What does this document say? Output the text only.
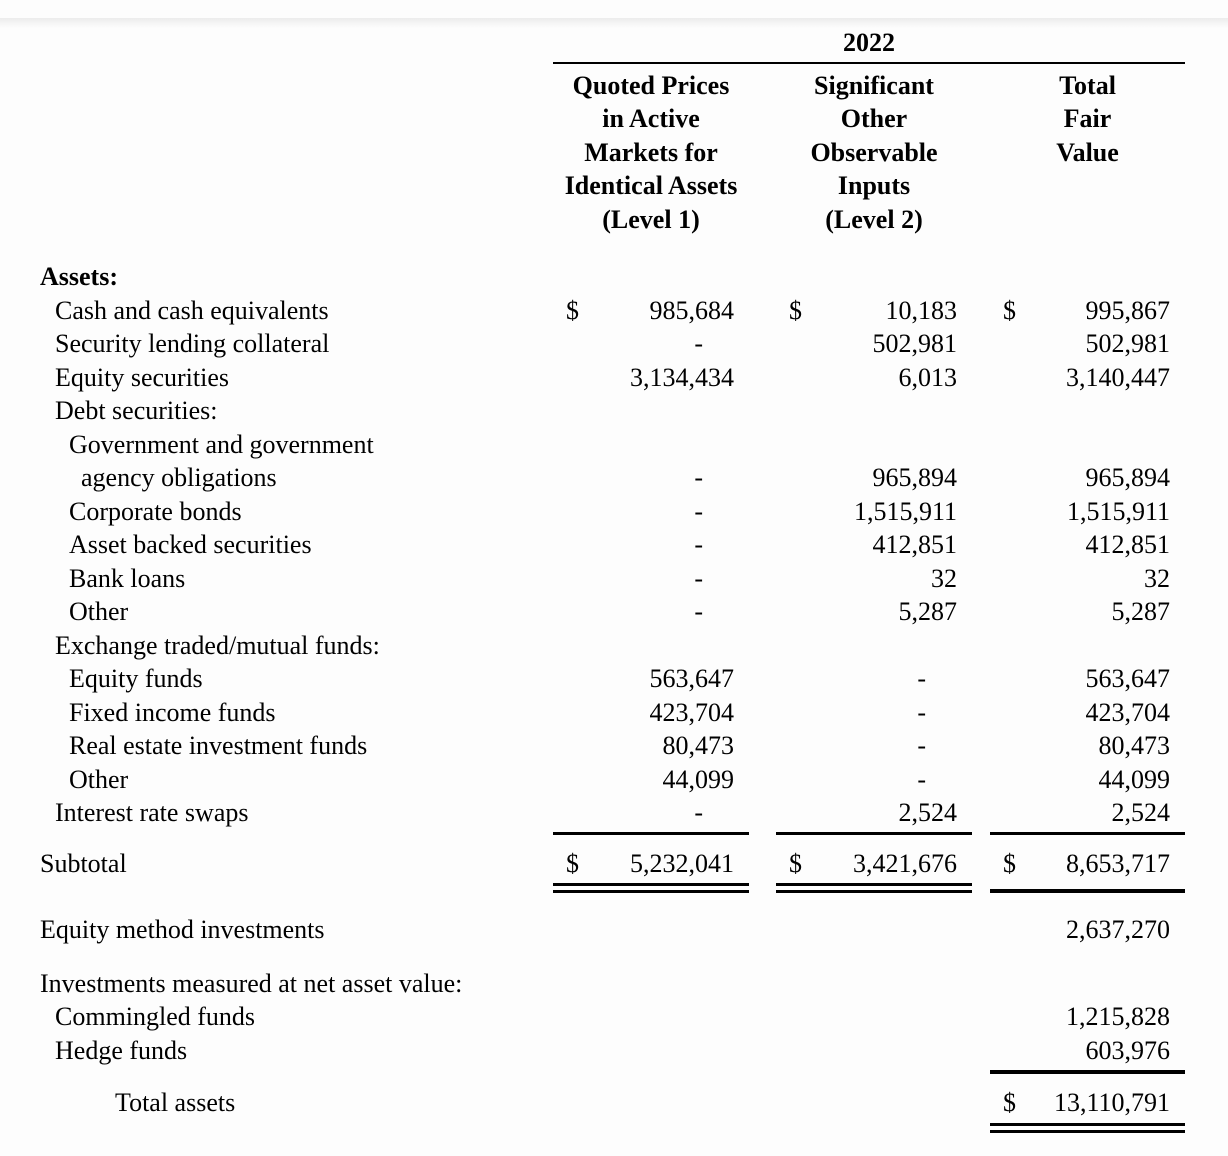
	2022							

Quoted Prices
in Active
Markets for
Identical Assets
(Level 1)

Significant
Other
Observable
Inputs
(Level 2)

Total
Fair
Value

Assets:								
Cash and cash equivalents	$	985,684		$	10,183		$	995,867
Security lending collateral		-			502,981			502,981
Equity securities		3,134,434			6,013			3,140,447
Debt securities:								

Government and government
agency obligations		-			965,894			965,894
Corporate bonds		-			1,515,911			1,515,911
Asset backed securities		-			412,851			412,851
Bank loans		-			32			32
Other		-			5,287			5,287
Exchange traded/mutual funds:								
Equity funds		563,647			-			563,647
Fixed income funds		423,704			-			423,704
Real estate investment funds		80,473			-			80,473
Other		44,099			-			44,099
Interest rate swaps		-			2,524			2,524

Subtotal	$	5,232,041		$	3,421,676		$	8,653,717

Equity method investments								2,637,270
Investments measured at net asset value:								
Commingled funds								1,215,828
Hedge funds								603,976

Total assets							$	13,110,791
